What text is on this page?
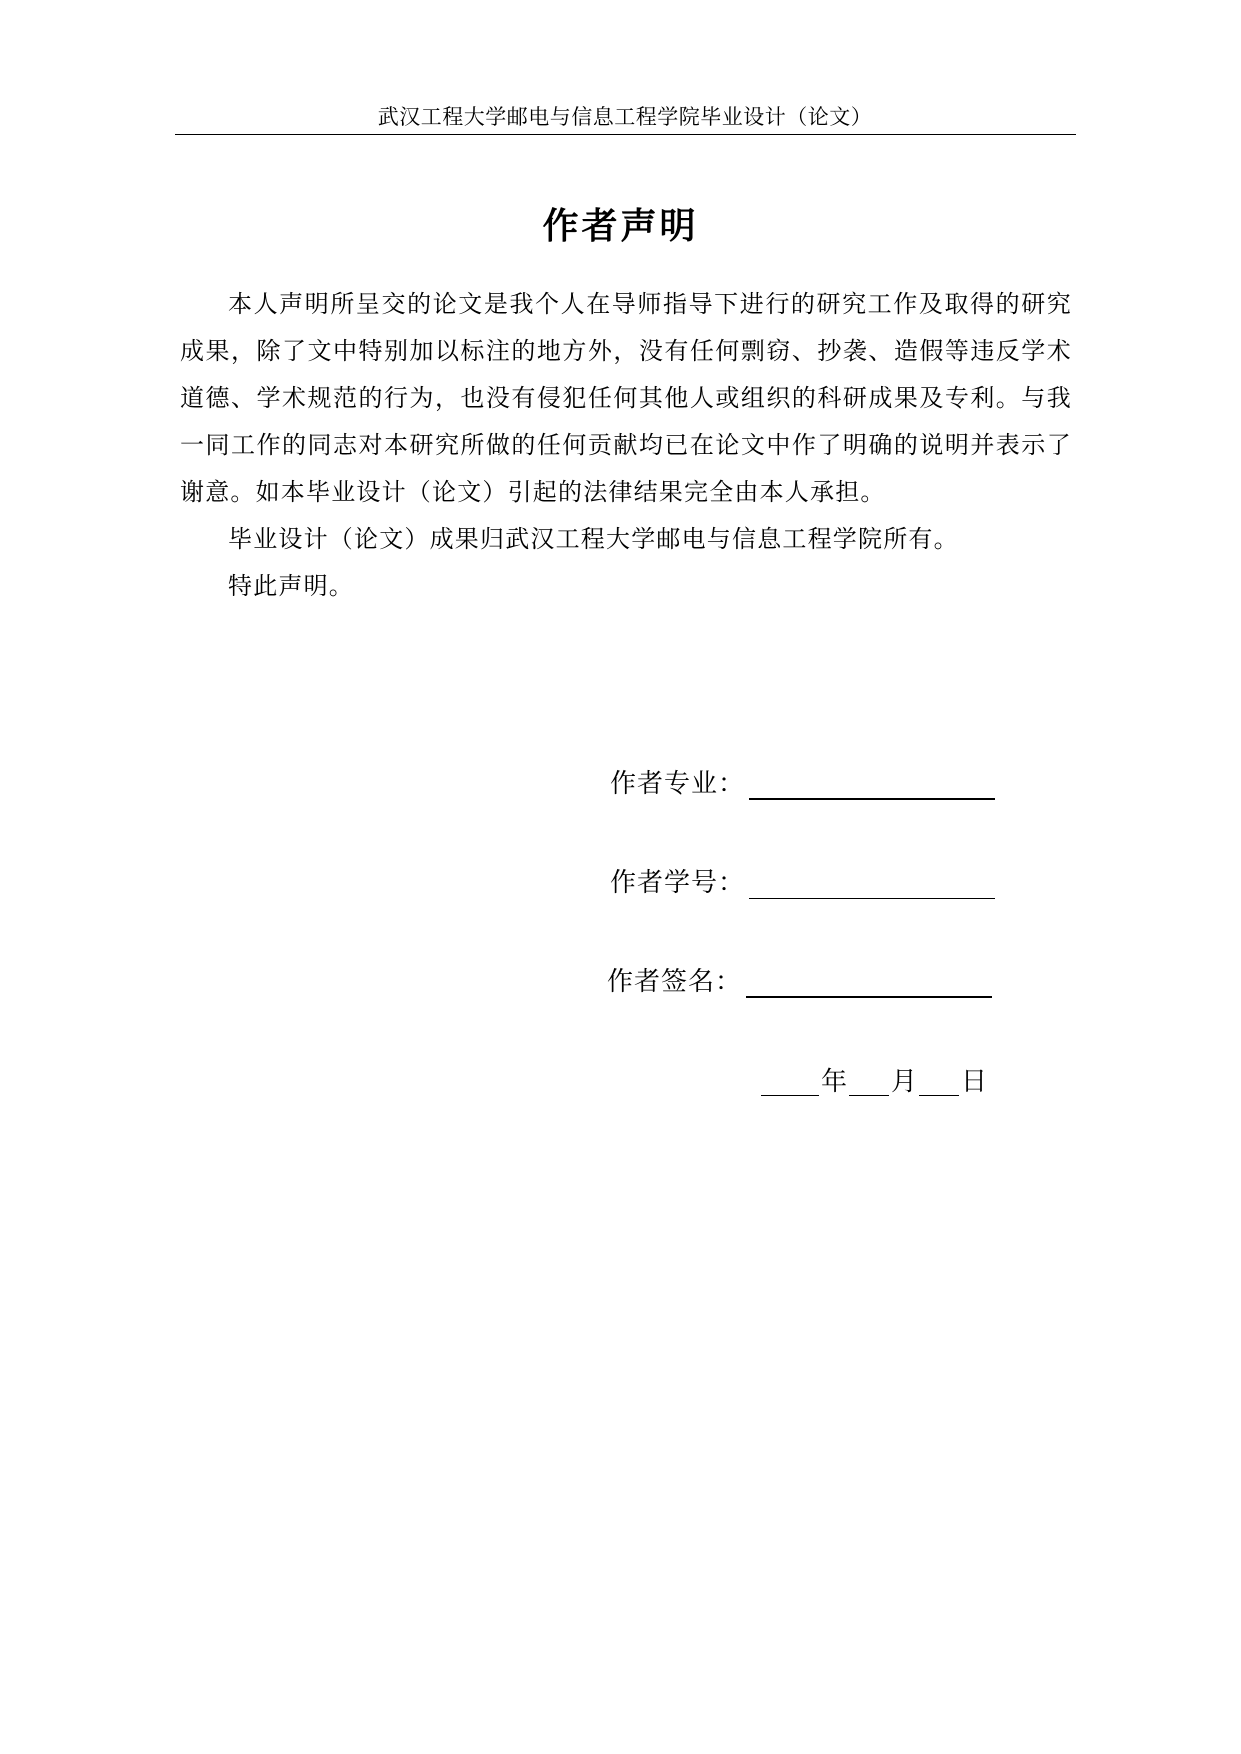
武汉工程大学邮电与信息工程学院毕业设计（论文）
作者声明

本人声明所呈交的论文是我个人在导师指导下进行的研究工作及取得的研究成果，除了文中特别加以标注的地方外，没有任何剽窃、抄袭、造假等违反学术道德、学术规范的行为，也没有侵犯任何其他人或组织的科研成果及专利。与我一同工作的同志对本研究所做的任何贡献均已在论文中作了明确的说明并表示了谢意。如本毕业设计（论文）引起的法律结果完全由本人承担。

毕业设计（论文）成果归武汉工程大学邮电与信息工程学院所有。

特此声明。

作者专业：
作者学号：
作者签名：
年 月 日
